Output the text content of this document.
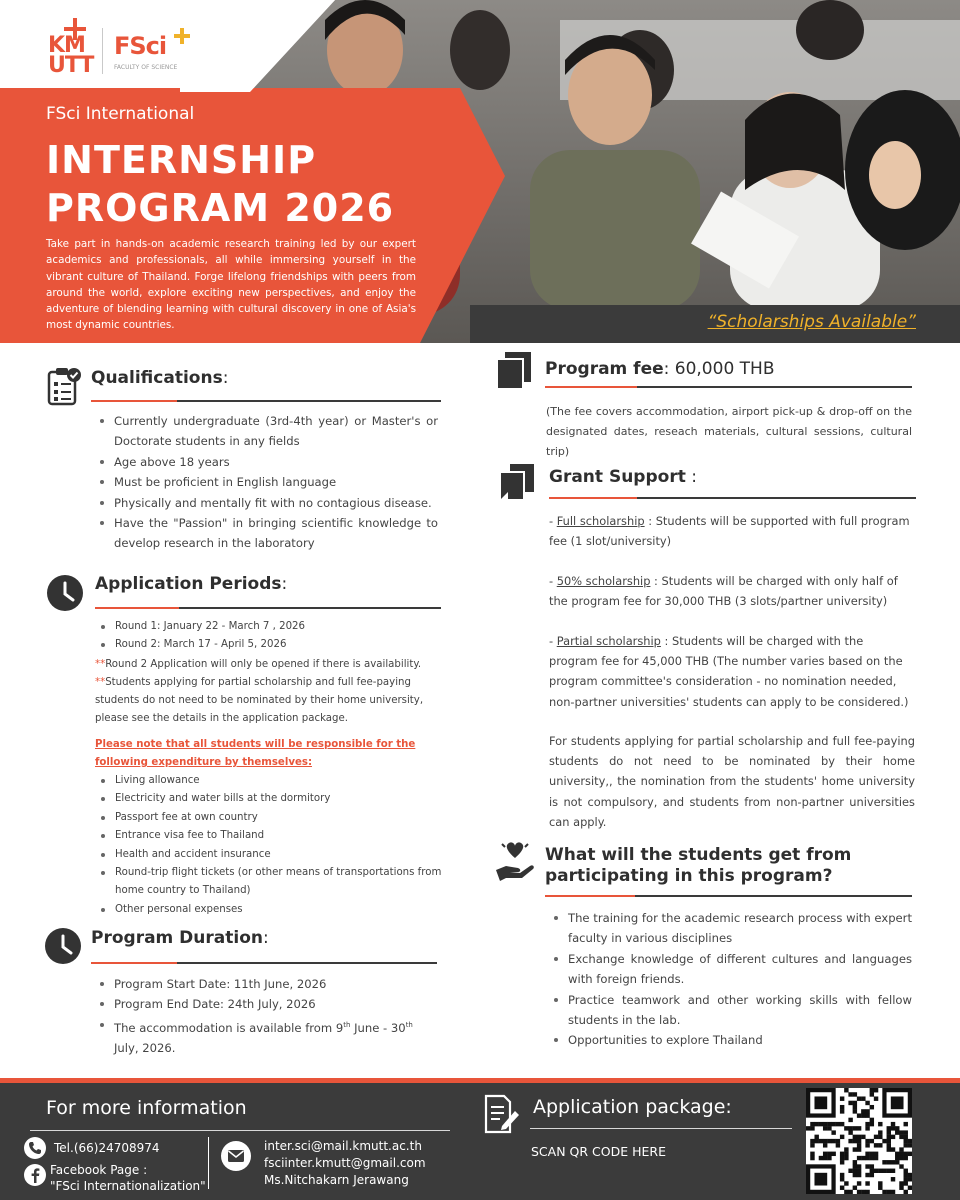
KM
UTT
FSci
FACULTY OF SCIENCE
FSci International
INTERNSHIP
PROGRAM 2026
Take part in hands-on academic research training led by our expert academics and professionals, all while immersing yourself in the vibrant culture of Thailand. Forge lifelong friendships with peers from around the world, explore exciting new perspectives, and enjoy the adventure of blending learning with cultural discovery in one of Asia's most dynamic countries.	“Scholarships Available”
Qualifications:
Currently undergraduate (3rd-4th year) or Master's or Doctorate students in any fields
Age above 18 years
Must be proficient in English language
Physically and mentally fit with no contagious disease.
Have the "Passion" in bringing scientific knowledge to develop research in the laboratory
Application Periods:
Round 1: January 22 - March 7 , 2026
Round 2: March 17 - April 5, 2026
**Round 2 Application will only be opened if there is availability.
**Students applying for partial scholarship and full fee-paying students do not need to be nominated by their home university, please see the details in the application package.
Please note that all students will be responsible for the following expenditure by themselves:
Living allowance
Electricity and water bills at the dormitory
Passport fee at own country
Entrance visa fee to Thailand
Health and accident insurance
Round-trip flight tickets (or other means of transportations from home country to Thailand)
Other personal expenses
Program Duration:
Program Start Date: 11th June, 2026
Program End Date: 24th July, 2026
The accommodation is available from 9th June - 30th July, 2026.
Program fee: 60,000 THB
(The fee covers accommodation, airport pick-up & drop-off on the designated dates, reseach materials, cultural sessions, cultural trip)
Grant Support :
- Full scholarship : Students will be supported with full program fee (1 slot/university)
- 50% scholarship : Students will be charged with only half of the program fee for 30,000 THB (3 slots/partner university)
- Partial scholarship : Students will be charged with the program fee for 45,000 THB (The number varies based on the program committee's consideration - no nomination needed, non-partner universities' students can apply to be considered.)
For students applying for partial scholarship and full fee-paying students do not need to be nominated by their home university,, the nomination from the students' home university is not compulsory, and students from non-partner universities can apply.
What will the students get from
participating in this program?
The training for the academic research process with expert faculty in various disciplines
Exchange knowledge of different cultures and languages with foreign friends.
Practice teamwork and other working skills with fellow students in the lab.
Opportunities to explore Thailand
For more information
Tel.(66)24708974
Facebook Page :
"FSci Internationalization"
inter.sci@mail.kmutt.ac.th
fsciinter.kmutt@gmail.com
Ms.Nitchakarn Jerawang
Application package:
SCAN QR CODE HERE
